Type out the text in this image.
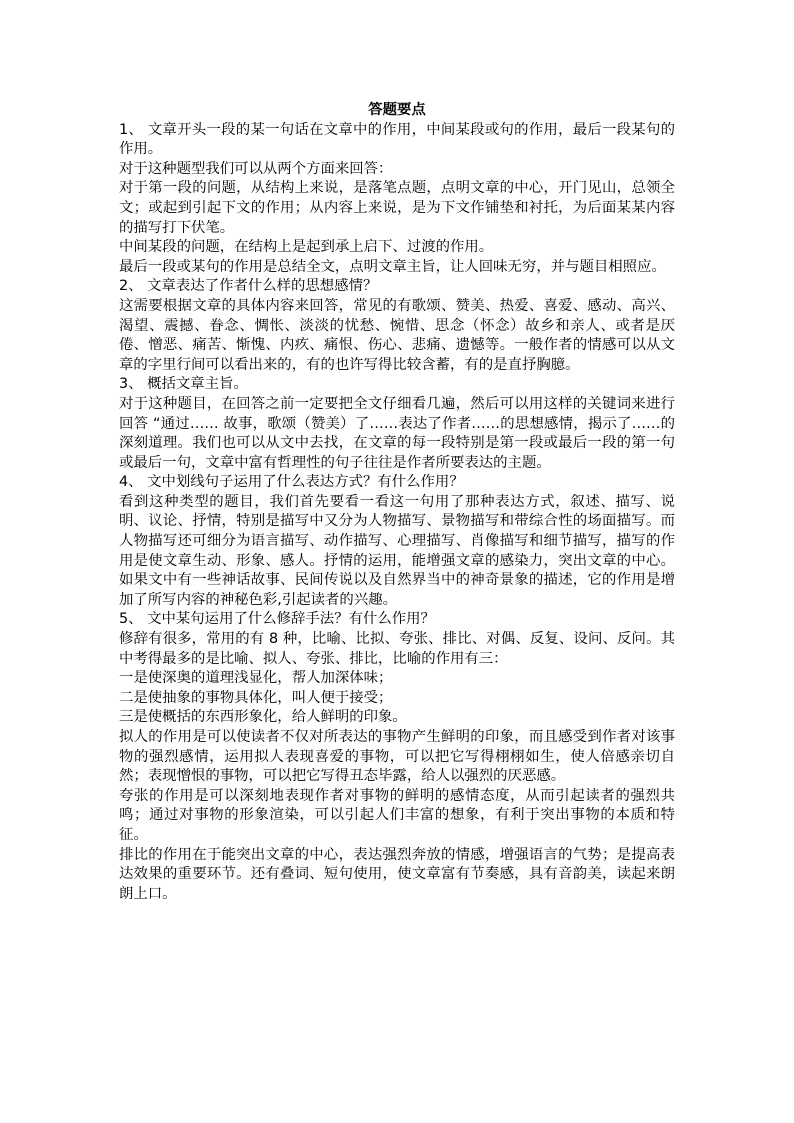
答题要点

1、 文章开头一段的某一句话在文章中的作用，中间某段或句的作用，最后一段某句的作用。

对于这种题型我们可以从两个方面来回答：

对于第一段的问题，从结构上来说，是落笔点题，点明文章的中心，开门见山，总领全文；或起到引起下文的作用；从内容上来说，是为下文作铺垫和衬托，为后面某某内容的描写打下伏笔。

中间某段的问题，在结构上是起到承上启下、过渡的作用。

最后一段或某句的作用是总结全文，点明文章主旨，让人回味无穷，并与题目相照应。

2、 文章表达了作者什么样的思想感情？

这需要根据文章的具体内容来回答，常见的有歌颂、赞美、热爱、喜爱、感动、高兴、渴望、震撼、眷念、惆怅、淡淡的忧愁、惋惜、思念（怀念）故乡和亲人、或者是厌倦、憎恶、痛苦、惭愧、内疚、痛恨、伤心、悲痛、遗憾等。一般作者的情感可以从文章的字里行间可以看出来的，有的也许写得比较含蓄，有的是直抒胸臆。

3、 概括文章主旨。

对于这种题目，在回答之前一定要把全文仔细看几遍，然后可以用这样的关键词来进行回答 “通过…… 故事，歌颂（赞美）了……表达了作者……的思想感情，揭示了……的深刻道理。我们也可以从文中去找，在文章的每一段特别是第一段或最后一段的第一句或最后一句，文章中富有哲理性的句子往往是作者所要表达的主题。

4、 文中划线句子运用了什么表达方式？有什么作用？

看到这种类型的题目，我们首先要看一看这一句用了那种表达方式，叙述、描写、说明、议论、抒情，特别是描写中又分为人物描写、景物描写和带综合性的场面描写。而人物描写还可细分为语言描写、动作描写、心理描写、肖像描写和细节描写，描写的作用是使文章生动、形象、感人。抒情的运用，能增强文章的感染力，突出文章的中心。如果文中有一些神话故事、民间传说以及自然界当中的神奇景象的描述，它的作用是增加了所写内容的神秘色彩,引起读者的兴趣。

5、 文中某句运用了什么修辞手法？有什么作用？

修辞有很多，常用的有 8 种，比喻、比拟、夸张、排比、对偶、反复、设问、反问。其中考得最多的是比喻、拟人、夸张、排比，比喻的作用有三：

一是使深奥的道理浅显化，帮人加深体味；

二是使抽象的事物具体化，叫人便于接受；

三是使概括的东西形象化，给人鲜明的印象。

拟人的作用是可以使读者不仅对所表达的事物产生鲜明的印象，而且感受到作者对该事物的强烈感情，运用拟人表现喜爱的事物，可以把它写得栩栩如生，使人倍感亲切自然；表现憎恨的事物，可以把它写得丑态毕露，给人以强烈的厌恶感。

夸张的作用是可以深刻地表现作者对事物的鲜明的感情态度，从而引起读者的强烈共鸣；通过对事物的形象渲染，可以引起人们丰富的想象，有利于突出事物的本质和特征。

排比的作用在于能突出文章的中心，表达强烈奔放的情感，增强语言的气势；是提高表达效果的重要环节。还有叠词、短句使用，使文章富有节奏感，具有音韵美，读起来朗朗上口。
